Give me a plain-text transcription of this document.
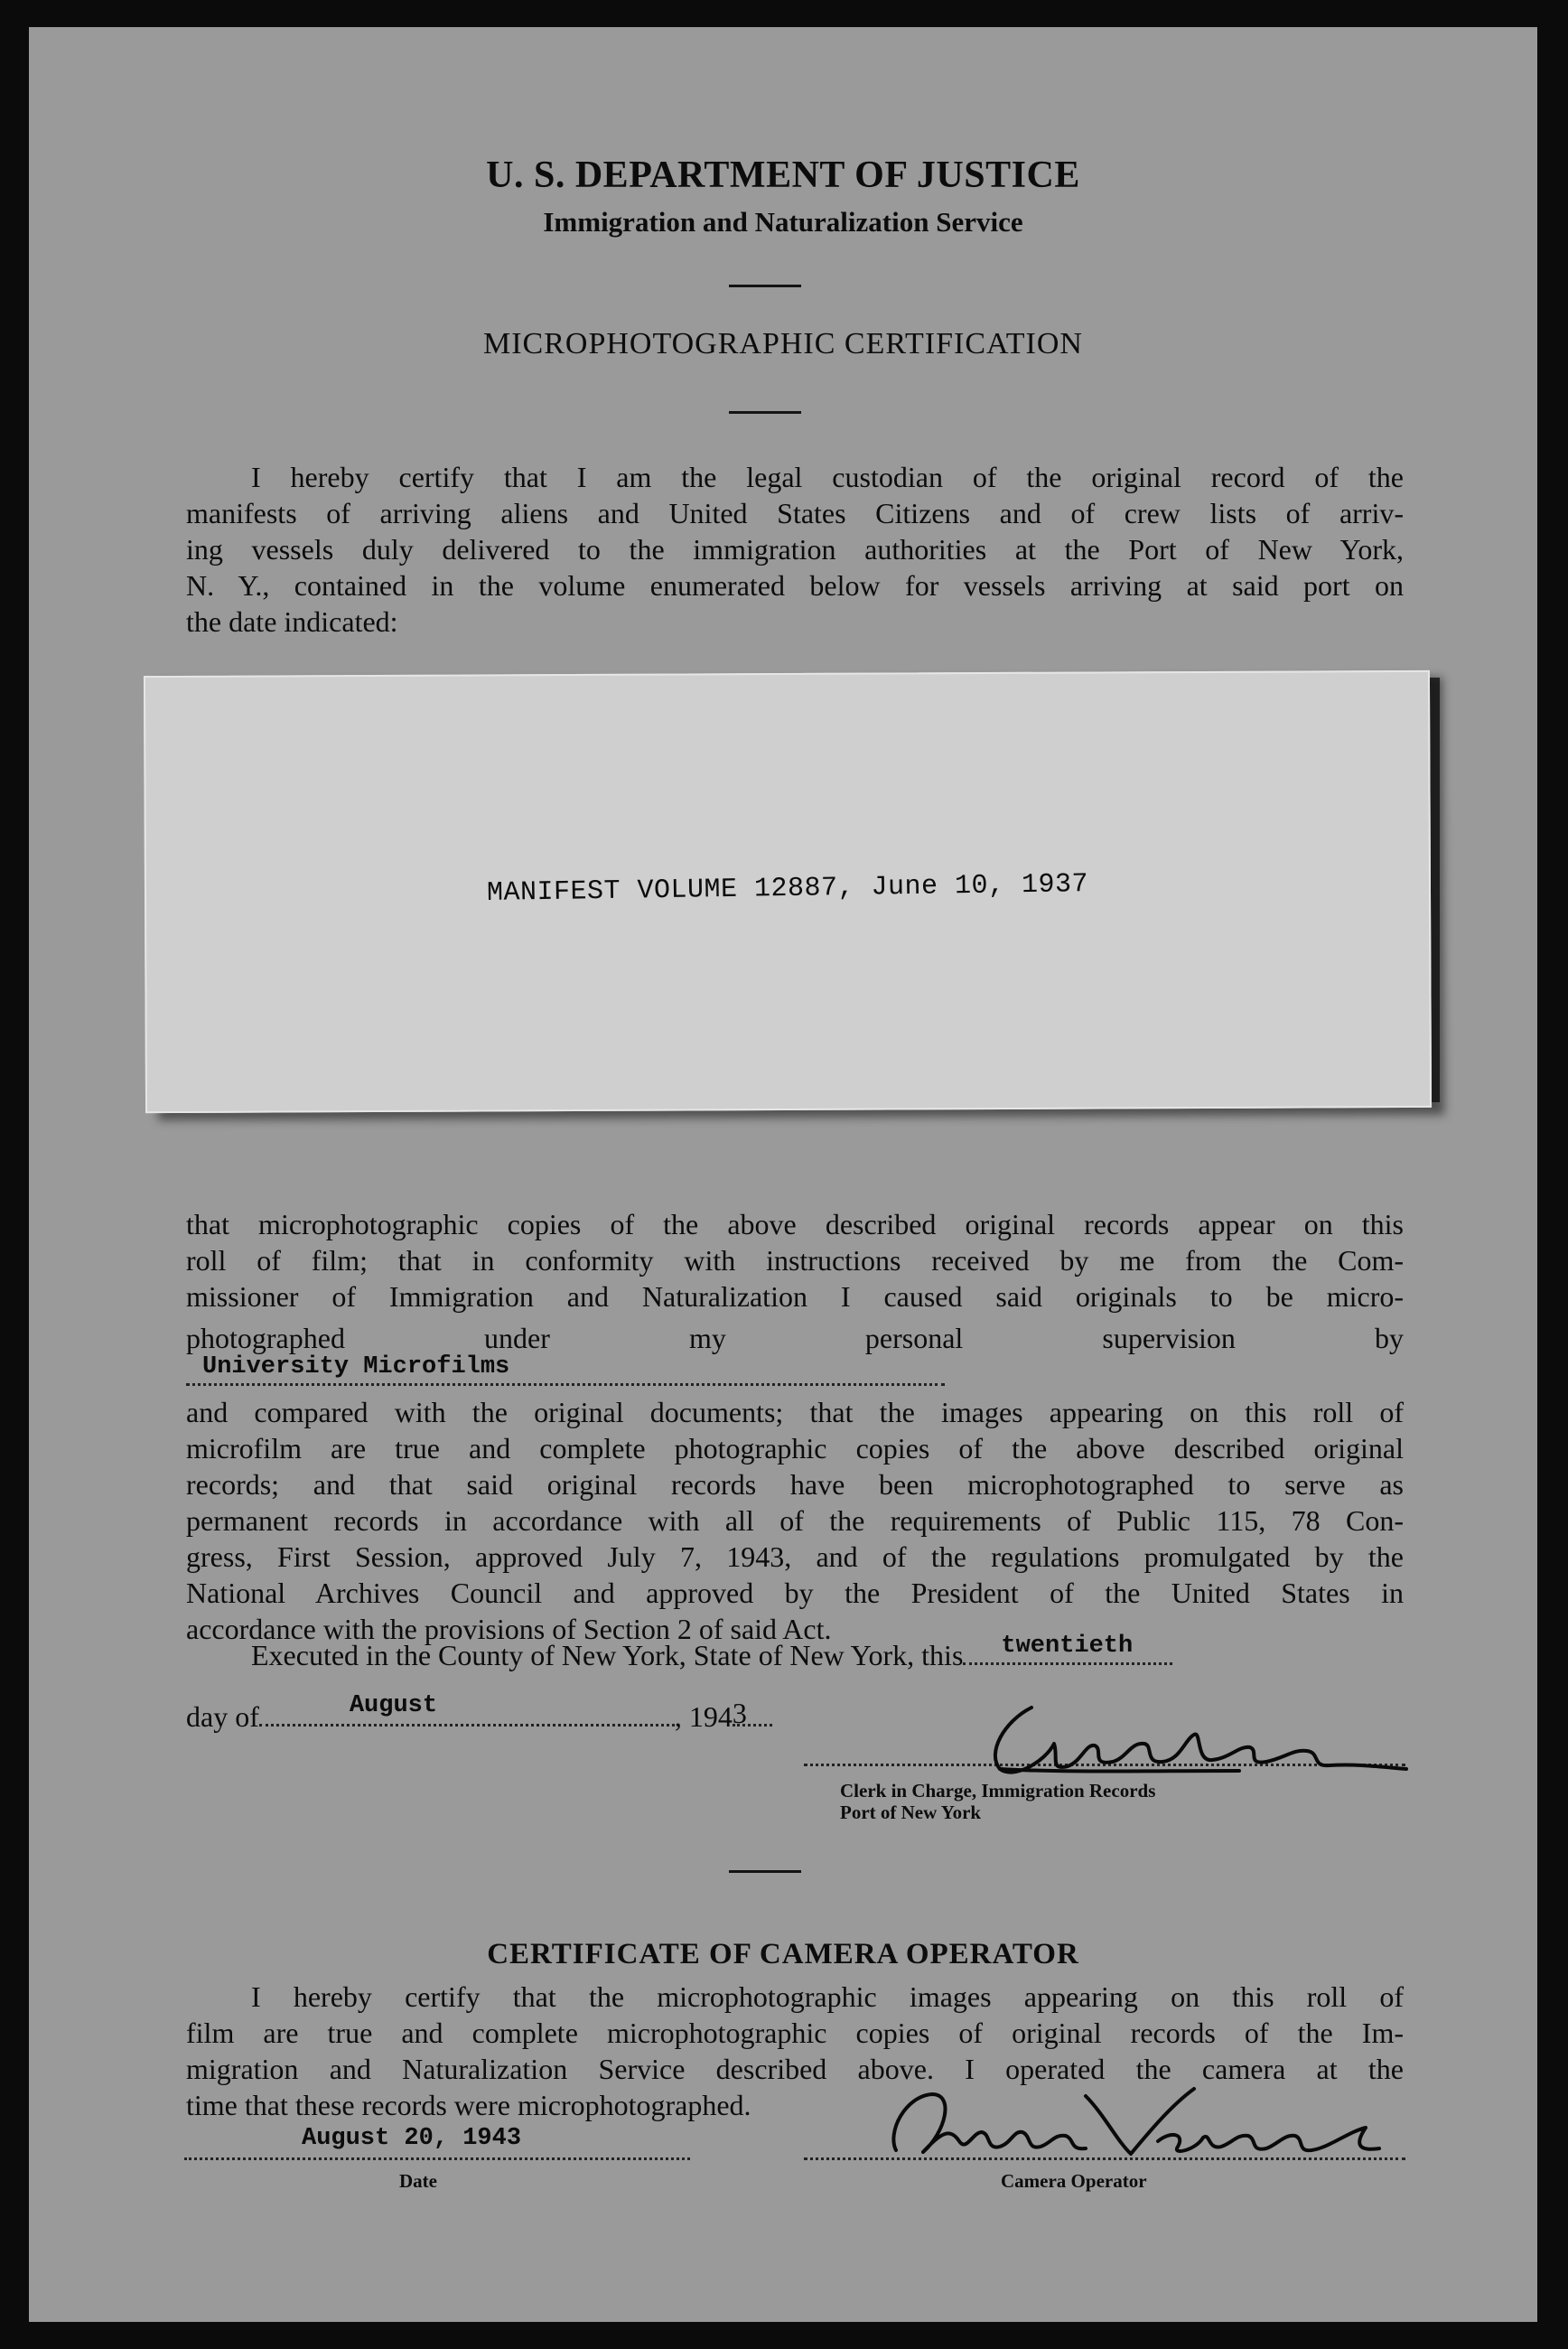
U. S. DEPARTMENT OF JUSTICE
Immigration and Naturalization Service
MICROPHOTOGRAPHIC CERTIFICATION
I hereby certify that I am the legal custodian of the original record of the
manifests of arriving aliens and United States Citizens and of crew lists of arriv-
ing vessels duly delivered to the immigration authorities at the Port of New York,
N. Y., contained in the volume enumerated below for vessels arriving at said port on
the date indicated:
MANIFEST VOLUME 12887, June 10, 1937
that microphotographic copies of the above described original records appear on this
roll of film; that in conformity with instructions received by me from the Com-
missioner of Immigration and Naturalization I caused said originals to be micro-
photographed under my personal supervision by
University Microfilms
and compared with the original documents; that the images appearing on this roll of
microfilm are true and complete photographic copies of the above described original
records; and that said original records have been microphotographed to serve as
permanent records in accordance with all of the requirements of Public 115, 78 Con-
gress, First Session, approved July 7, 1943, and of the regulations promulgated by the
National Archives Council and approved by the President of the United States in
accordance with the provisions of Section 2 of said Act.
Executed in the County of New York, State of New York, this twentieth
day of	August	, 194 3
Clerk in Charge, Immigration Records
Port of New York
CERTIFICATE OF CAMERA OPERATOR
I hereby certify that the microphotographic images appearing on this roll of
film are true and complete microphotographic copies of original records of the Im-
migration and Naturalization Service described above. I operated the camera at the
time that these records were microphotographed.
August 20, 1943
Date	Camera Operator
